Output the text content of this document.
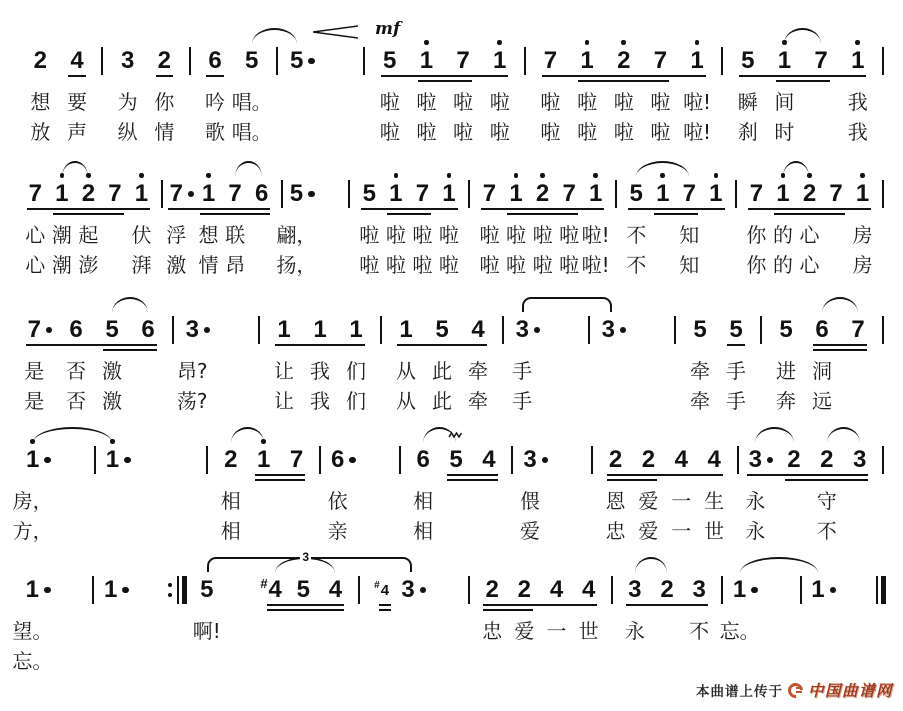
2 4 3 2 6 5 5	5 1 7 1 7 1 2 7 1 5 1 7 1
mf
想 要 为 你 吟 唱。	啦 啦 啦 啦 啦 啦 啦 啦 啦! 瞬 间	我
放 声 纵 情 歌 唱。	啦 啦 啦 啦 啦 啦 啦 啦 啦! 刹 时	我
7 1 2 7 1 7 1 7 6 5 5 1 7 1 7 1 2 7 1 5 1 7 1 7 1 2 7 1
心 潮 起 伏 浮 想 联 翩， 啦 啦 啦 啦 啦 啦 啦 啦 啦! 不 知 你 的 心 房
心 潮 澎 湃 激 情 昂 扬， 啦 啦 啦 啦 啦 啦 啦 啦 啦! 不 知 你 的 心 房
7 6 5 6 3	1 1 1 1 5 4 3	3	5 5 5 6 7
是 否 激	昂?	让 我 们 从 此 牵 手	牵 手 进 洞
是 否 激	荡?	让 我 们 从 此 牵 手	牵 手 奔 远
1	1	2 1 7 6	6 5 4 3	2 2 4 4 3 2 2 3
房，	相	依	相	偎	恩 爱 一 生 永	守
方，	相	亲	相	爱	忠 爱 一 世 永	不
1	1	5	# 4 5 4	# 4 3	2 2 4 4 3 2 3 1	1
3
望。	啊!	忠 爱 一 世 永 不 忘。
忘。
本曲谱上传于 中国曲谱网
